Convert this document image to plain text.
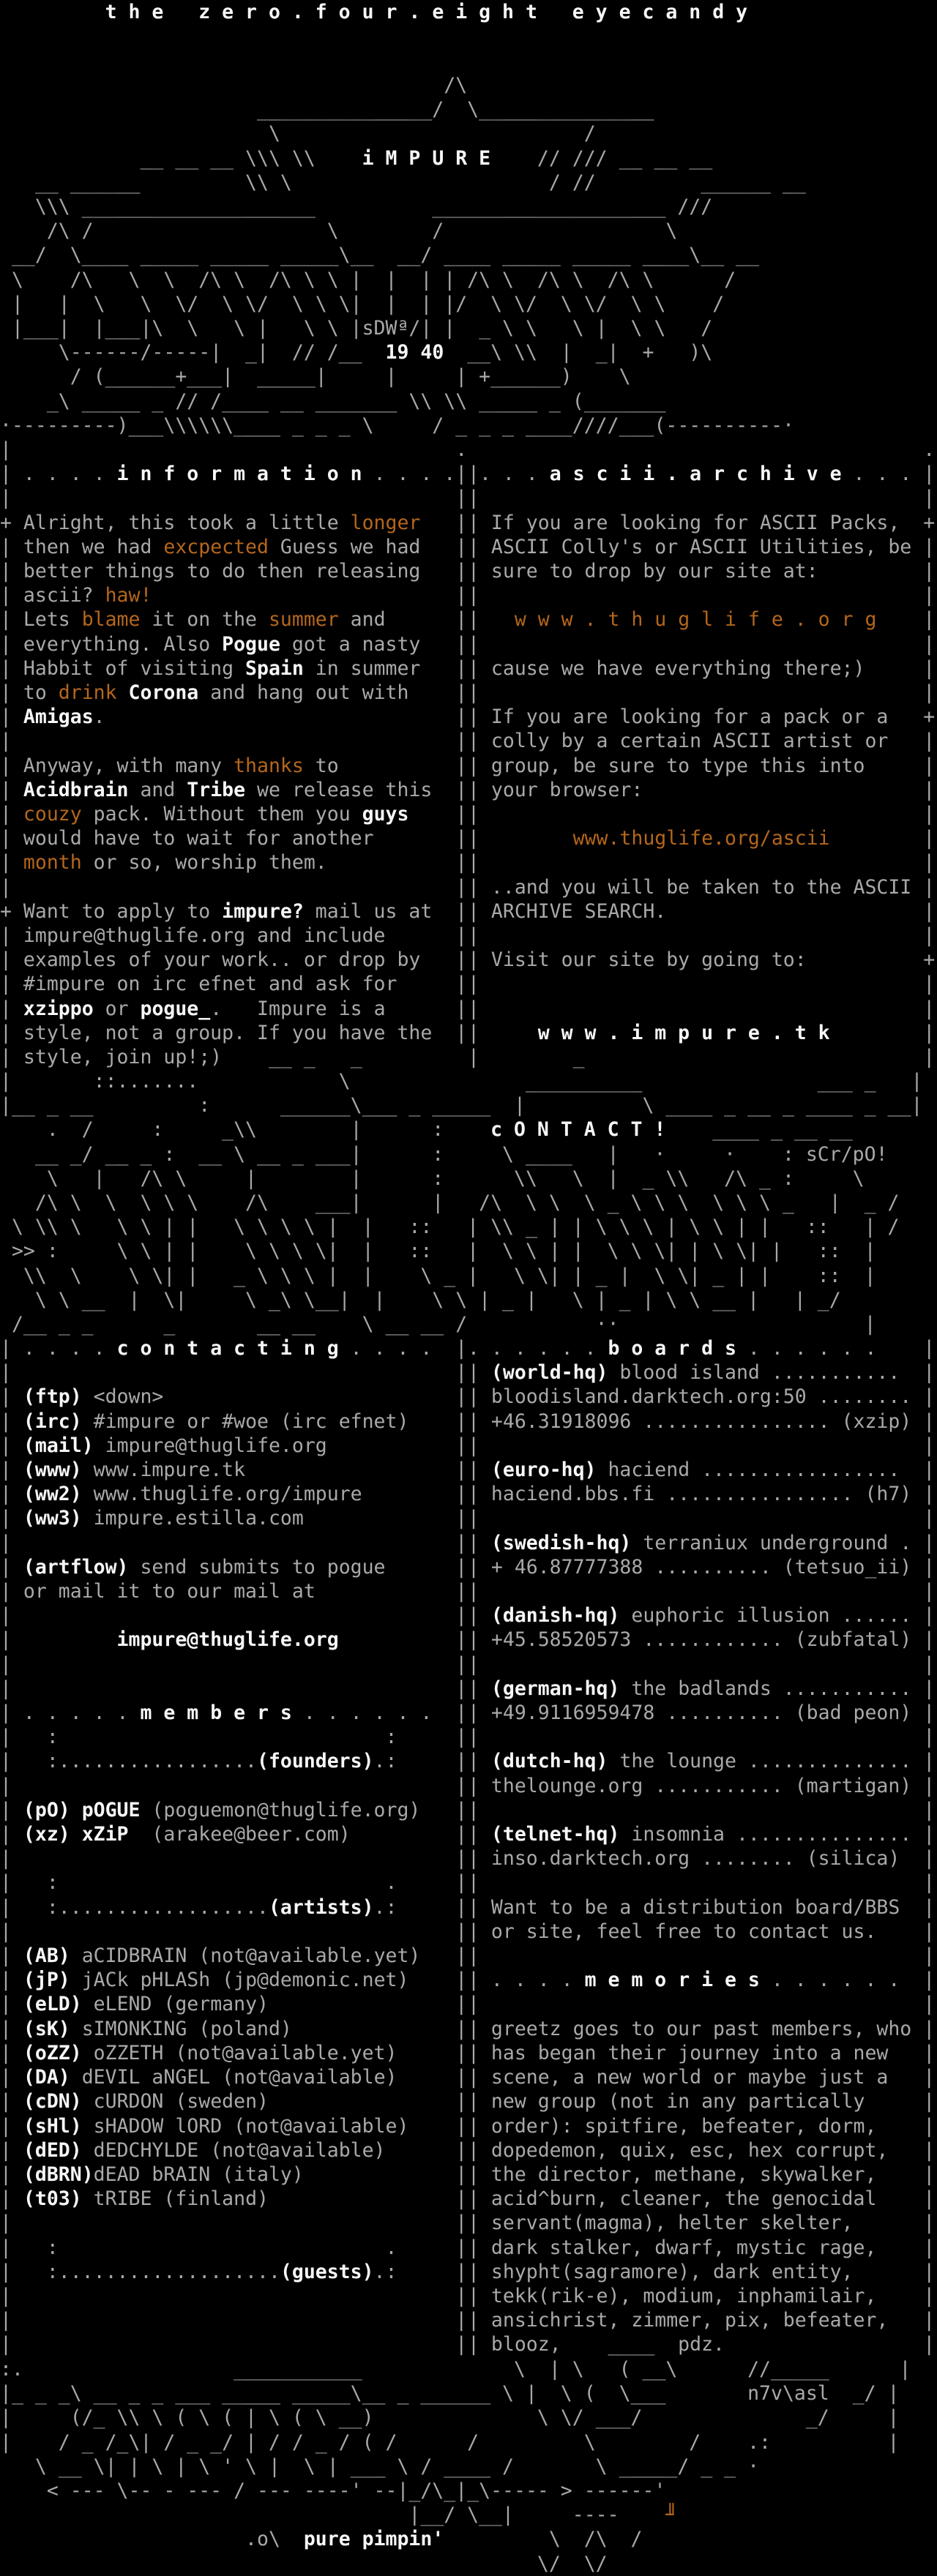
t h e   z e r o . f o u r . e i g h t   e y e c a n d y

/\
_______________/  \_______________
\                          /
__ __ __ \\\ \\    i M P U R E    // /// __ __ __
__ ______         \\ \                      / //         ______ __
\\\ ____________________          ____________________ ///
/\ /                    \        /                   \
__/  \____ _____ _____ _____\__  __/ ____ _____ _____ ____\__ __
\    /\   \  \  /\ \  /\ \ \ |  |  | | /\ \  /\ \  /\ \      /
|   |  \   \  \/  \ \/  \ \ \|  |  | |/  \ \/  \ \/  \ \    /
|___|  |___|\  \   \ |   \ \ |sDWª/| |  _ \ \   \ |  \ \   /
\------/-----|  _|  // /__  19 40  __\ \\  |  _|  +   )\
/ (______+___|  _____|     |     | +______)    \
_\ _____ _ // /____ __ _______ \\ \\ _____ _ (_______
·---------)___\\\\\\____ _ _ _ \     / _ _ _ ____////___(----------·

|	.
| . . . . i n f o r m a t i o n . . . .|
|	|
+ Alright, this took a little longer |
| then we had excpected Guess we had |
| better things to do then releasing |
| ascii? haw!	|
| Lets blame it on the summer and	|
| everything. Also Pogue got a nasty |
| Habbit of visiting Spain in summer |
| to drink Corona and hang out with |
| Amigas.	|
|	|
| Anyway, with many thanks to	|
| Acidbrain and Tribe we release this |
| couzy pack. Without them you guys |
| would have to wait for another	|
| month or so, worship them.	|
|	|
+ Want to apply to impure? mail us at |
| impure@thuglife.org and include	|
| examples of your work.. or drop by |
| #impure on irc efnet and ask for	|
| xzippo or pogue_.   Impure is a	|
| style, not a group. If you have the |
| style, join up!;)    __ _   _

.
|. . . a s c i i . a r c h i v e . . . |
|	|
| If you are looking for ASCII Packs, +
| ASCII Colly's or ASCII Utilities, be |
| sure to drop by our site at:	|
|	|
|   w w w . t h u g l i f e . o r g |
|	|
| cause we have everything there;)	|
|	|
| If you are looking for a pack or a +
| colly by a certain ASCII artist or |
| group, be sure to type this into	|
| your browser:	|
|	|
|        www.thuglife.org/ascii	|
|	|
| ..and you will be taken to the ASCII |
| ARCHIVE SEARCH.	|
|	|
| Visit our site by going to:	+
|	|
|	|
|     w w w . i m p u r e . t k	|
|        _	|

|       ::.......            \               __________               ___ _   |
|__ _ __         :      ______\___ _ _____  |          \ ____ _ __ _ ____ _ __|
.  /     :     _\\        |      :    c O N T A C T !    ____ _ __ __
__ _/ __ _ :  __ \ __ _ ___|      :     \ ____   |   ·     ·    : sCr/pO!
\   |   /\ \     |        |      :      \\   \  |  _ \\   /\ _ :     \
/\ \  \  \ \ \    /\    ___|      |   /\  \ \  \ _ \ \ \  \ \ \ _   |  _ /
\ \\ \   \ \ | |   \ \ \ \ |  |   ::   | \\ _ | | \ \ \ | \ \ | |   ::   | /
>> :     \ \ | |    \ \ \ \|  |   ::   |  \ \ | |  \ \ \| | \ \| |   ::  |
\\  \    \ \| |   _ \ \ \ |  |    \ _ |   \ \| | _ |  \ \| _ | |    ::  |
\ \ __  |  \|     \ _\ \__|  |    \ \ | _ |   \ | _ | \ \ __ |   | _/
/__ _ _      _       __ __    \ __ __ /           ··                     |

| . . . . c o n t a c t i n g . . . . |
|	|
| (ftp) <down>	|
| (irc) #impure or #woe (irc efnet) |
| (mail) impure@thuglife.org	|
| (www) www.impure.tk	|
| (ww2) www.thuglife.org/impure	|
| (ww3) impure.estilla.com	|
|	|
| (artflow) send submits to pogue	|
| or mail it to our mail at	|
|	|
|         impure@thuglife.org	|
|	|
|	|
| . . . . . m e m b e r s . . . . . . |
|   :                            :	|
|   :.................(founders).:	|
|	|
| (pO) pOGUE (poguemon@thuglife.org) |
| (xz) xZiP  (arakee@beer.com)	|
|	|
|   :                            .	|
|   :..................(artists).:	|
|	|
| (AB) aCIDBRAIN (not@available.yet) |
| (jP) jACk pHLASh (jp@demonic.net) |
| (eLD) eLEND (germany)	|
| (sK) sIMONKING (poland)	|
| (oZZ) oZZETH (not@available.yet)	|
| (DA) dEVIL aNGEL (not@available)	|
| (cDN) cURDON (sweden)	|
| (sHl) sHADOW lORD (not@available) |
| (dED) dEDCHYLDE (not@available)	|
| (dBRN)dEAD bRAIN (italy)	|
| (t03) tRIBE (finland)	|
|	|
|   :                            .	|
|   :...................(guests).:	|
|	|
|	|
|	|

. . . . . . b o a r d s . . . . . . |
| (world-hq) blood island ........... |
| bloodisland.darktech.org:50 ........ |
| +46.31918096 ................ (xzip) |
|	|
| (euro-hq) haciend ................. |
| haciend.bbs.fi ................ (h7) |
|	|
| (swedish-hq) terraniux underground . |
| + 46.87777388 .......... (tetsuo_ii) |
|	|
| (danish-hq) euphoric illusion ...... |
| +45.58520573 ............ (zubfatal) |
|	|
| (german-hq) the badlands ........... |
| +49.9116959478 .......... (bad peon) |
|	|
| (dutch-hq) the lounge .............. |
| thelounge.org ........... (martigan) |
|	|
| (telnet-hq) insomnia ............... |
| inso.darktech.org ........ (silica) |
|	|
| Want to be a distribution board/BBS |
| or site, feel free to contact us. |
|	|
| . . . . m e m o r i e s . . . . . . |
|	|
| greetz goes to our past members, who |
| has began their journey into a new |
| scene, a new world or maybe just a |
| new group (not in any partically	|
| order): spitfire, befeater, dorm, |
| dopedemon, quix, esc, hex corrupt, |
| the director, methane, skywalker, |
| acid^burn, cleaner, the genocidal |
| servant(magma), helter skelter,	|
| dark stalker, dwarf, mystic rage, |
| shypht(sagramore), dark entity,	|
| tekk(rik-e), modium, inphamilair, |
| ansichrist, zimmer, pix, befeater, |
| blooz,    ____  pdz.	|

:.                  ___________             \  | \   ( __\      //_____      |
|_ _ _\ __ _ _ ___ _____ _____\__ _ ______ \ |  \ (  \___       n7v\asl  _/ |
|     (/_ \\ \ ( \ ( | \ ( \ __)              \ \/ ___/              _/     |
|    / _ /_\| / _ _/ | / / _ / ( /      /         \        /    .:          |
\ __ \| | \ | \ ' \ |  \ | ___ \ / ____ /       \ _____/ _ _ ·
< --- \-- - --- / --- ----' --|_/\_|_\----- > ------'
|__/ \__|     ----    ╜
.o\  pure pimpin'         \  /\  /
\/  \/
